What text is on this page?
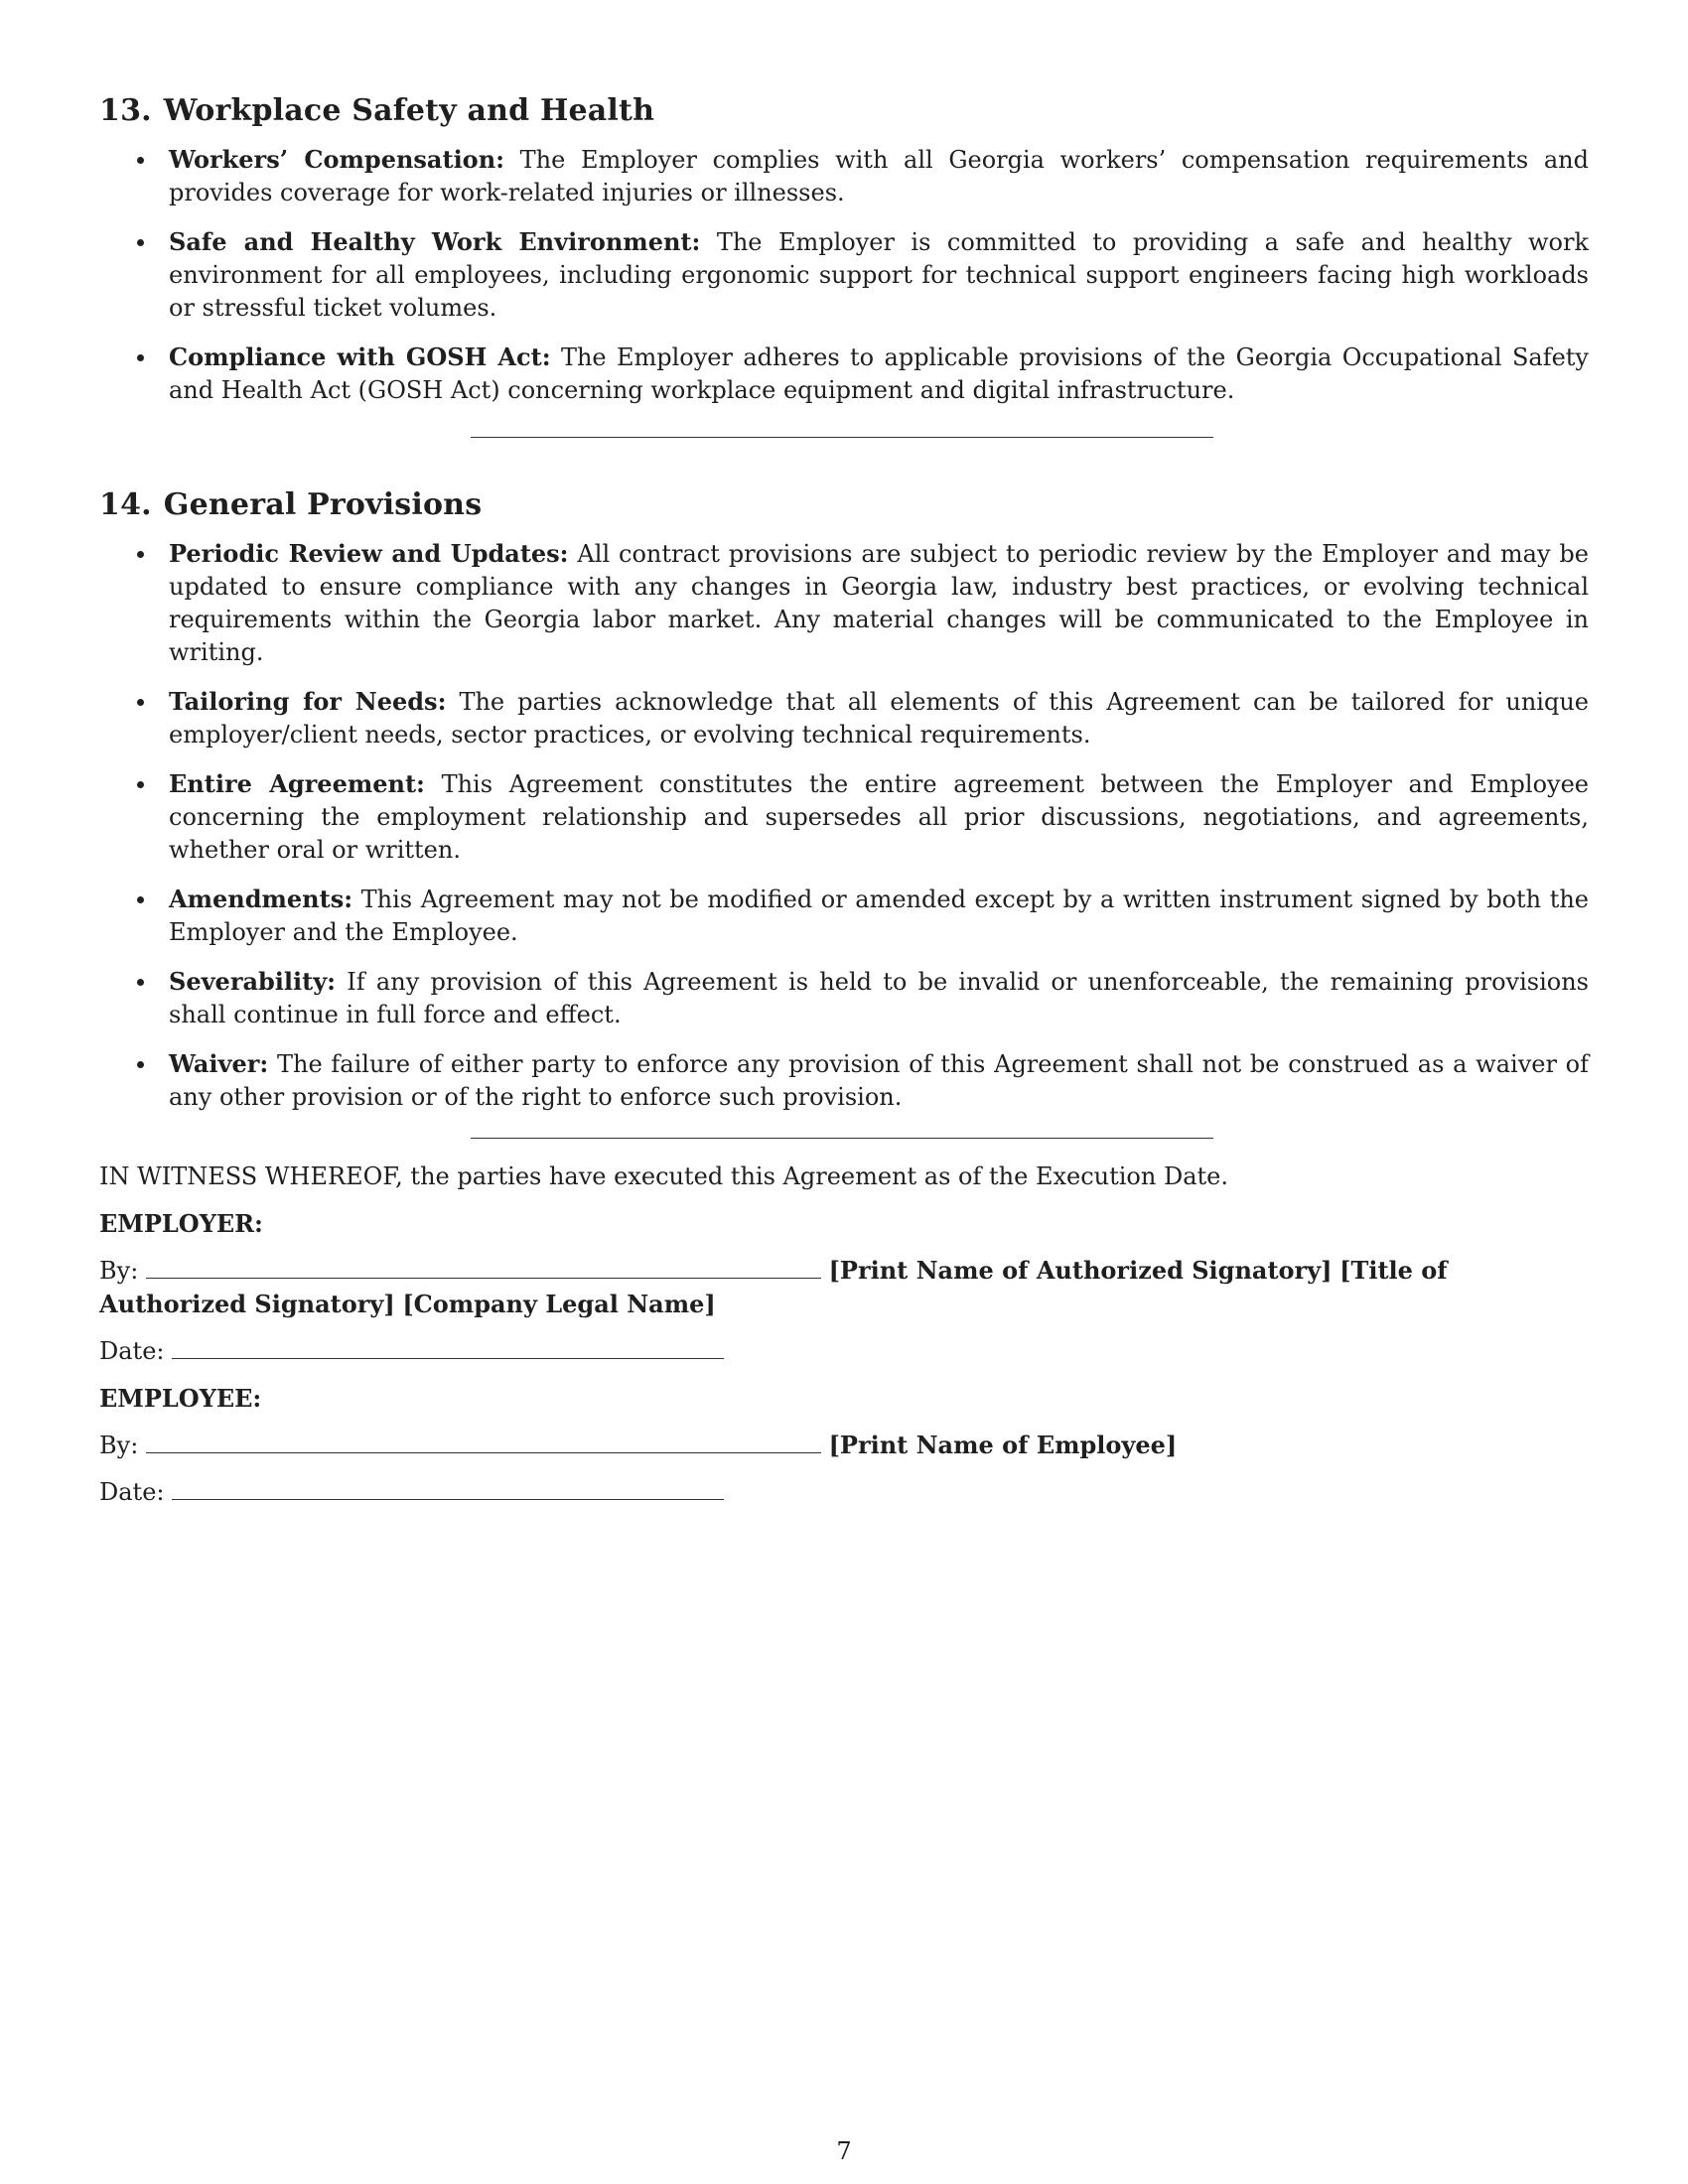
13. Workplace Safety and Health
Workers’ Compensation: The Employer complies with all Georgia workers’ compensation requirements and provides coverage for work-related injuries or illnesses.
Safe and Healthy Work Environment: The Employer is committed to providing a safe and healthy work environment for all employees, including ergonomic support for technical support engineers facing high workloads or stressful ticket volumes.
Compliance with GOSH Act: The Employer adheres to applicable provisions of the Georgia Occupational Safety and Health Act (GOSH Act) concerning workplace equipment and digital infrastructure.
14. General Provisions
Periodic Review and Updates: All contract provisions are subject to periodic review by the Employer and may be updated to ensure compliance with any changes in Georgia law, industry best practices, or evolving technical requirements within the Georgia labor market. Any material changes will be communicated to the Employee in writing.
Tailoring for Needs: The parties acknowledge that all elements of this Agreement can be tailored for unique employer/client needs, sector practices, or evolving technical requirements.
Entire Agreement: This Agreement constitutes the entire agreement between the Employer and Employee concerning the employment relationship and supersedes all prior discussions, negotiations, and agreements, whether oral or written.
Amendments: This Agreement may not be modified or amended except by a written instrument signed by both the Employer and the Employee.
Severability: If any provision of this Agreement is held to be invalid or unenforceable, the remaining provisions shall continue in full force and effect.
Waiver: The failure of either party to enforce any provision of this Agreement shall not be construed as a waiver of any other provision or of the right to enforce such provision.

IN WITNESS WHEREOF, the parties have executed this Agreement as of the Execution Date.

EMPLOYER:

By:	[Print Name of Authorized Signatory] [Title of Authorized Signatory] [Company Legal Name]

Date:

EMPLOYEE:

By:	[Print Name of Employee]

Date:

7
